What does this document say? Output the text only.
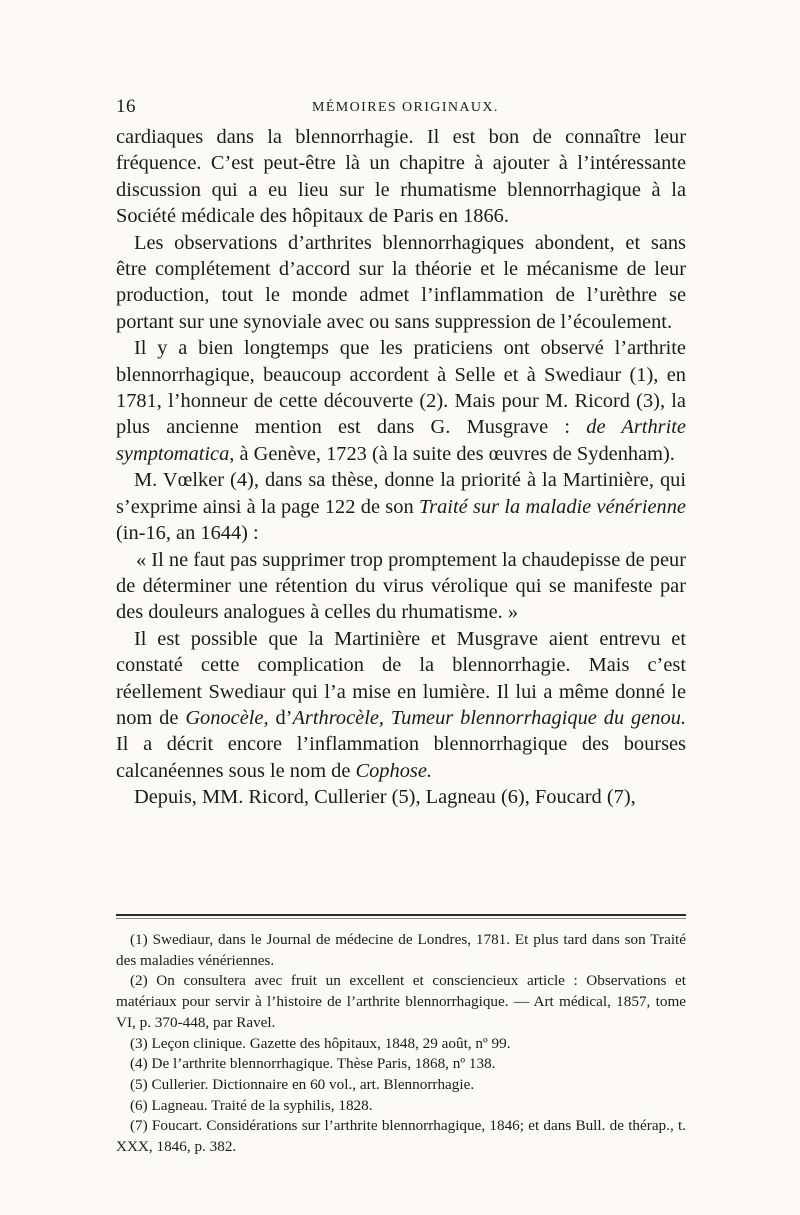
16	MÉMOIRES ORIGINAUX.

cardiaques dans la blennorrhagie. Il est bon de connaître leur fréquence. C’est peut-être là un chapitre à ajouter à l’intéressante discussion qui a eu lieu sur le rhumatisme blennorrhagique à la Société médicale des hôpitaux de Paris en 1866.

Les observations d’arthrites blennorrhagiques abondent, et sans être complétement d’accord sur la théorie et le mécanisme de leur production, tout le monde admet l’inflammation de l’urèthre se portant sur une synoviale avec ou sans suppression de l’écoulement.

Il y a bien longtemps que les praticiens ont observé l’arthrite blennorrhagique, beaucoup accordent à Selle et à Swediaur (1), en 1781, l’honneur de cette découverte (2). Mais pour M. Ricord (3), la plus ancienne mention est dans G. Musgrave : de Arthrite symptomatica, à Genève, 1723 (à la suite des œuvres de Sydenham).

M. Vœlker (4), dans sa thèse, donne la priorité à la Martinière, qui s’exprime ainsi à la page 122 de son Traité sur la maladie vénérienne (in-16, an 1644) :

« Il ne faut pas supprimer trop promptement la chaudepisse de peur de déterminer une rétention du virus vérolique qui se manifeste par des douleurs analogues à celles du rhumatisme. »

Il est possible que la Martinière et Musgrave aient entrevu et constaté cette complication de la blennorrhagie. Mais c’est réellement Swediaur qui l’a mise en lumière. Il lui a même donné le nom de Gonocèle, d’Arthrocèle, Tumeur blennorrhagique du genou. Il a décrit encore l’inflammation blennorrhagique des bourses calcanéennes sous le nom de Cophose.

Depuis, MM. Ricord, Cullerier (5), Lagneau (6), Foucard (7),

(1) Swediaur, dans le Journal de médecine de Londres, 1781. Et plus tard dans son Traité des maladies vénériennes.

(2) On consultera avec fruit un excellent et consciencieux article : Observations et matériaux pour servir à l’histoire de l’arthrite blennorrhagique. — Art médical, 1857, tome VI, p. 370-448, par Ravel.

(3) Leçon clinique. Gazette des hôpitaux, 1848, 29 août, nº 99.

(4) De l’arthrite blennorrhagique. Thèse Paris, 1868, nº 138.

(5) Cullerier. Dictionnaire en 60 vol., art. Blennorrhagie.

(6) Lagneau. Traité de la syphilis, 1828.

(7) Foucart. Considérations sur l’arthrite blennorrhagique, 1846; et dans Bull. de thérap., t. XXX, 1846, p. 382.
